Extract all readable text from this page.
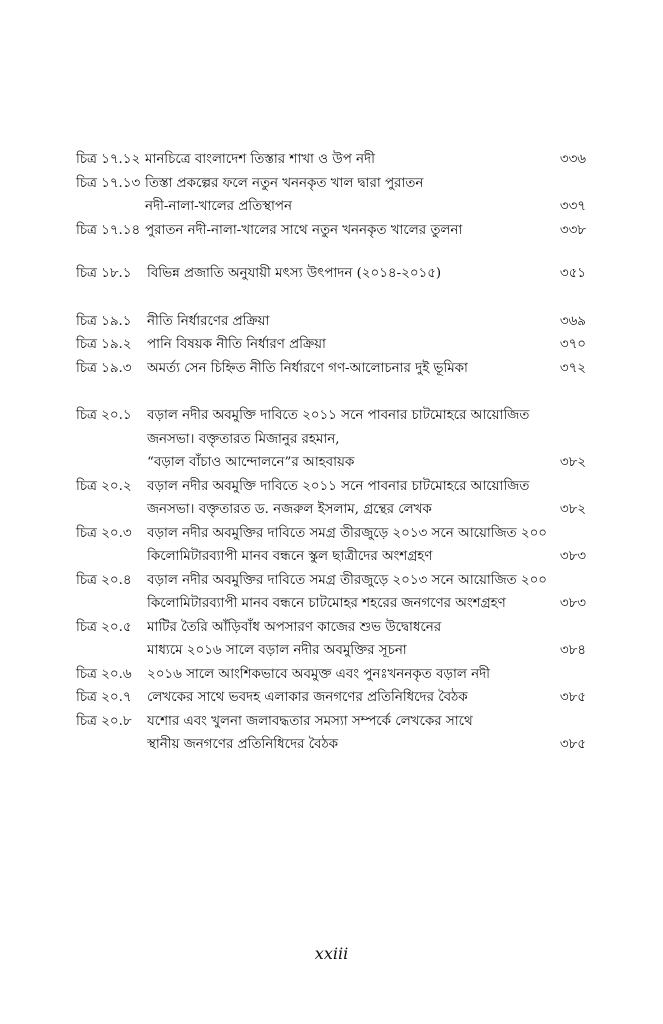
চিত্র ১৭.১২ মানচিত্রে বাংলাদেশ তিস্তার শাখা ও উপ নদী	৩৩৬
চিত্র ১৭.১৩ তিস্তা প্রকল্পের ফলে নতুন খননকৃত খাল দ্বারা পুরাতন
নদী-নালা-খালের প্রতিস্থাপন	৩৩৭
চিত্র ১৭.১৪ পুরাতন নদী-নালা-খালের সাথে নতুন খননকৃত খালের তুলনা	৩৩৮
চিত্র ১৮.১ বিভিন্ন প্রজাতি অনুযায়ী মৎস্য উৎপাদন (২০১৪-২০১৫)	৩৫১
চিত্র ১৯.১ নীতি নির্ধারণের প্রক্রিয়া	৩৬৯
চিত্র ১৯.২ পানি বিষয়ক নীতি নির্ধারণ প্রক্রিয়া	৩৭০
চিত্র ১৯.৩ অমর্ত্য সেন চিহ্নিত নীতি নির্ধারণে গণ-আলোচনার দুই ভূমিকা	৩৭২
চিত্র ২০.১ বড়াল নদীর অবমুক্তি দাবিতে ২০১১ সনে পাবনার চাটমোহরে আয়োজিত
জনসভা। বক্তৃতারত মিজানুর রহমান,
“বড়াল বাঁচাও আন্দোলনে”র আহবায়ক	৩৮২
চিত্র ২০.২ বড়াল নদীর অবমুক্তি দাবিতে ২০১১ সনে পাবনার চাটমোহরে আয়োজিত
জনসভা। বক্তৃতারত ড. নজরুল ইসলাম, গ্রন্থের লেখক	৩৮২
চিত্র ২০.৩ বড়াল নদীর অবমুক্তির দাবিতে সমগ্র তীরজুড়ে ২০১৩ সনে আয়োজিত ২০০
কিলোমিটারব্যাপী মানব বন্ধনে স্কুল ছাত্রীদের অংশগ্রহণ	৩৮৩
চিত্র ২০.৪ বড়াল নদীর অবমুক্তির দাবিতে সমগ্র তীরজুড়ে ২০১৩ সনে আয়োজিত ২০০
কিলোমিটারব্যাপী মানব বন্ধনে চাটমোহর শহরের জনগণের অংশগ্রহণ	৩৮৩
চিত্র ২০.৫ মাটির তৈরি আঁড়িবাঁধ অপসারণ কাজের শুভ উদ্বোধনের
মাধ্যমে ২০১৬ সালে বড়াল নদীর অবমুক্তির সূচনা	৩৮৪
চিত্র ২০.৬ ২০১৬ সালে আংশিকভাবে অবমুক্ত এবং পুনঃখননকৃত বড়াল নদী
চিত্র ২০.৭ লেখকের সাথে ভবদহ এলাকার জনগণের প্রতিনিধিদের বৈঠক	৩৮৫
চিত্র ২০.৮ যশোর এবং খুলনা জলাবদ্ধতার সমস্যা সম্পর্কে লেখকের সাথে
স্থানীয় জনগণের প্রতিনিধিদের বৈঠক	৩৮৫
xxiii
